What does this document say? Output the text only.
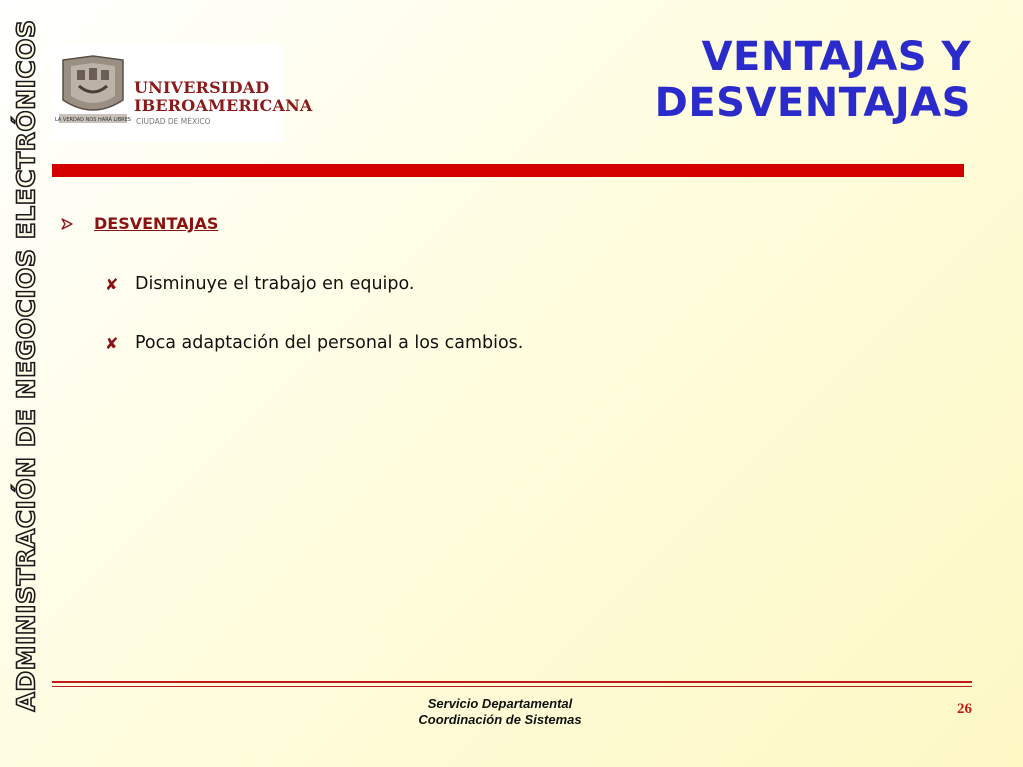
ADMINISTRACIÓN DE NEGOCIOS ELECTRÓNICOS	LA VERDAD NOS HARÁ LIBRES
UNIVERSIDAD
IBEROAMERICANA
CIUDAD DE MÉXICO
VENTAJAS Y
DESVENTAJAS
DESVENTAJAS
✘ Disminuye el trabajo en equipo.
✘ Poca adaptación del personal a los cambios.
Servicio Departamental
Coordinación de Sistemas
26
